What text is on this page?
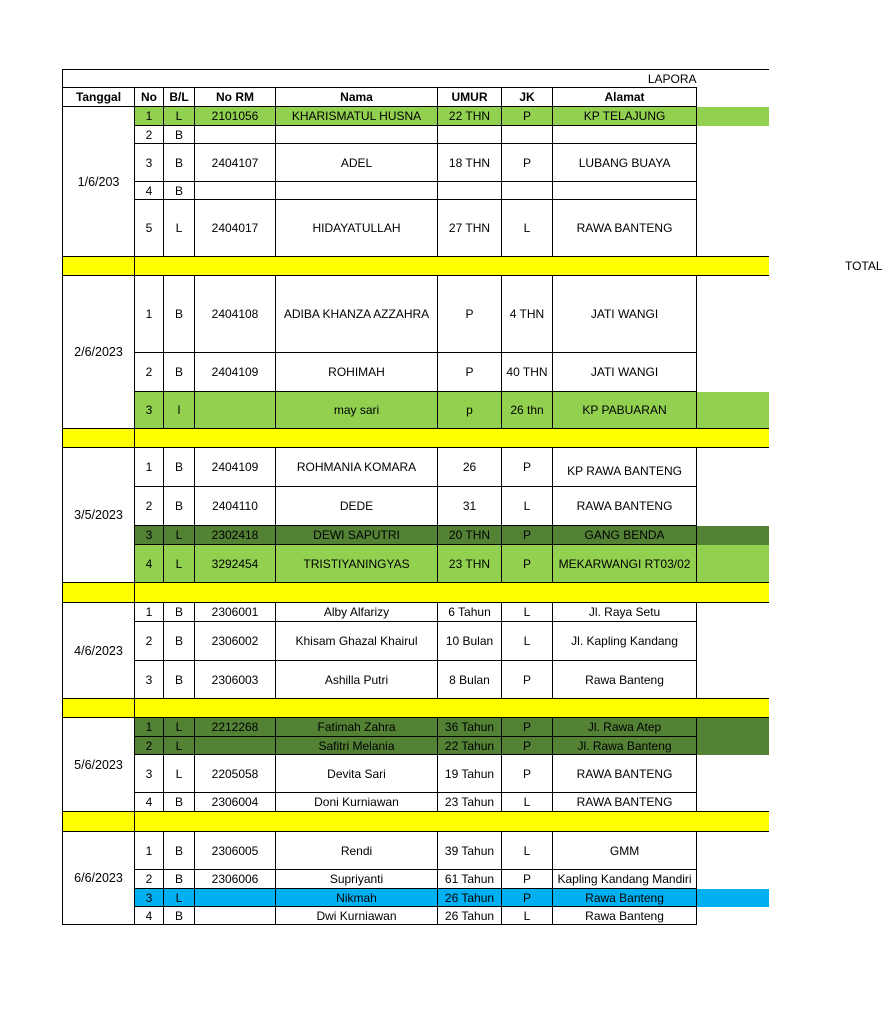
LAPORA								
Tanggal	No	B/L	No RM	Nama	UMUR	JK	Alamat	
1/6/203	1	L	2101056	KHARISMATUL HUSNA	22 THN	P	KP TELAJUNG	
	2	B						
	3	B	2404107	ADEL	18 THN	P	LUBANG BUAYA	
	4	B						
	5	L	2404017	HIDAYATULLAH	27 THN	L	RAWA BANTENG	
	TOTAL							
2/6/2023	1	B	2404108	ADIBA KHANZA AZZAHRA	P	4 THN	JATI WANGI	
	2	B	2404109	ROHIMAH	P	40 THN	JATI WANGI	
	3	l		may sari	p	26 thn	KP PABUARAN	

3/5/2023	1	B	2404109	ROHMANIA KOMARA	26	P	KP RAWA BANTENG	
	2	B	2404110	DEDE	31	L	RAWA BANTENG	
	3	L	2302418	DEWI SAPUTRI	20 THN	P	GANG BENDA	
	4	L	3292454	TRISTIYANINGYAS	23 THN	P	MEKARWANGI RT03/02	

4/6/2023	1	B	2306001	Alby Alfarizy	6 Tahun	L	Jl. Raya Setu	
	2	B	2306002	Khisam Ghazal Khairul	10 Bulan	L	Jl. Kapling Kandang	
	3	B	2306003	Ashilla Putri	8 Bulan	P	Rawa Banteng	

5/6/2023	1	L	2212268	Fatimah Zahra	36 Tahun	P	Jl. Rawa Atep	
	2	L		Safitri Melania	22 Tahun	P	Jl. Rawa Banteng	
	3	L	2205058	Devita Sari	19 Tahun	P	RAWA BANTENG	
	4	B	2306004	Doni Kurniawan	23 Tahun	L	RAWA BANTENG	

6/6/2023	1	B	2306005	Rendi	39 Tahun	L	GMM	
	2	B	2306006	Supriyanti	61 Tahun	P	Kapling Kandang Mandiri	
	3	L		Nikmah	26 Tahun	P	Rawa Banteng	
	4	B		Dwi Kurniawan	26 Tahun	L	Rawa Banteng	
